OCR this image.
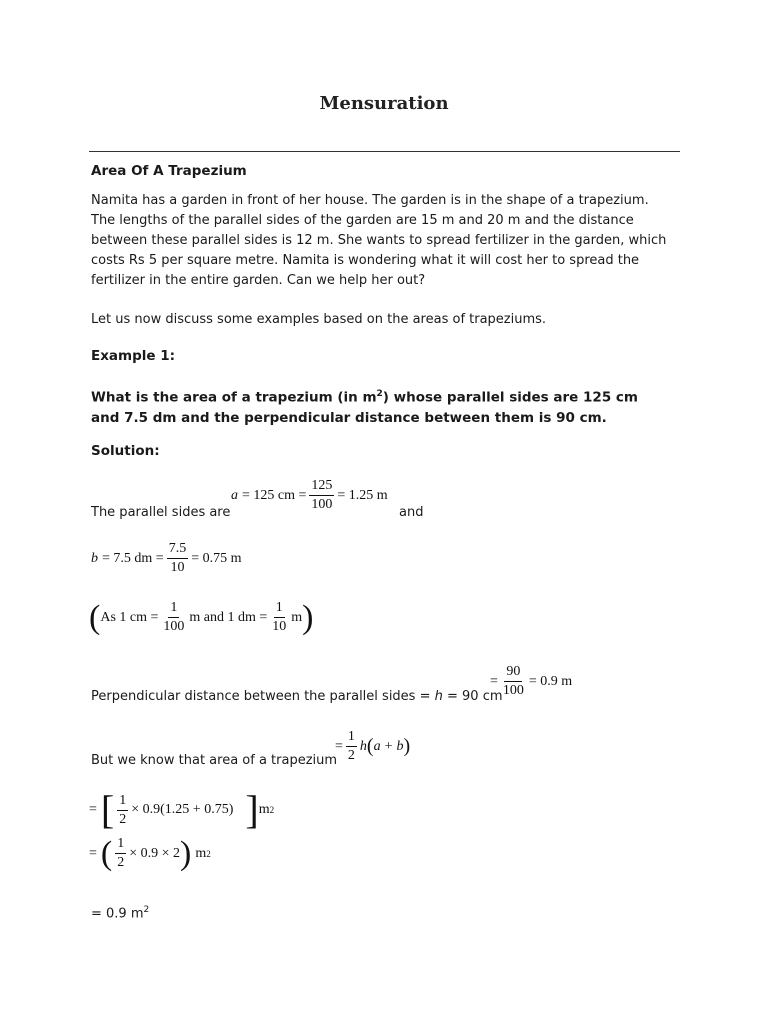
Mensuration
Area Of A Trapezium
Namita has a garden in front of her house. The garden is in the shape of a trapezium. The lengths of the parallel sides of the garden are 15 m and 20 m and the distance between these parallel sides is 12 m. She wants to spread fertilizer in the garden, which costs Rs 5 per square metre. Namita is wondering what it will cost her to spread the fertilizer in the entire garden. Can we help her out?
Let us now discuss some examples based on the areas of trapeziums.
Example 1:
What is the area of a trapezium (in $m^2$) whose parallel sides are 125 cm and 7.5 dm and the perpendicular distance between them is 90 cm.
Solution:
The parallel sides are
a = 125 cm = $\frac{125}{100} = 1.25$ m
and
b = 7.5 dm = $\frac{7.5}{10} = 0.75$ m
( As 1 cm = $\frac{1}{100}$ m and 1 dm = $\frac{1}{10}$ m )
Perpendicular distance between the parallel sides = h = 90 cm
= $\frac{90}{100} = 0.9$ m
But we know that area of a trapezium
= $\frac{1}{2}$ h ( a + b )
= [ $\frac{1}{2} \times 0.9(1.25 + 0.75)$ ] m 2
= ( $\frac{1}{2} \times 0.9 \times 2$ ) m 2
= 0.9 $m^2$
